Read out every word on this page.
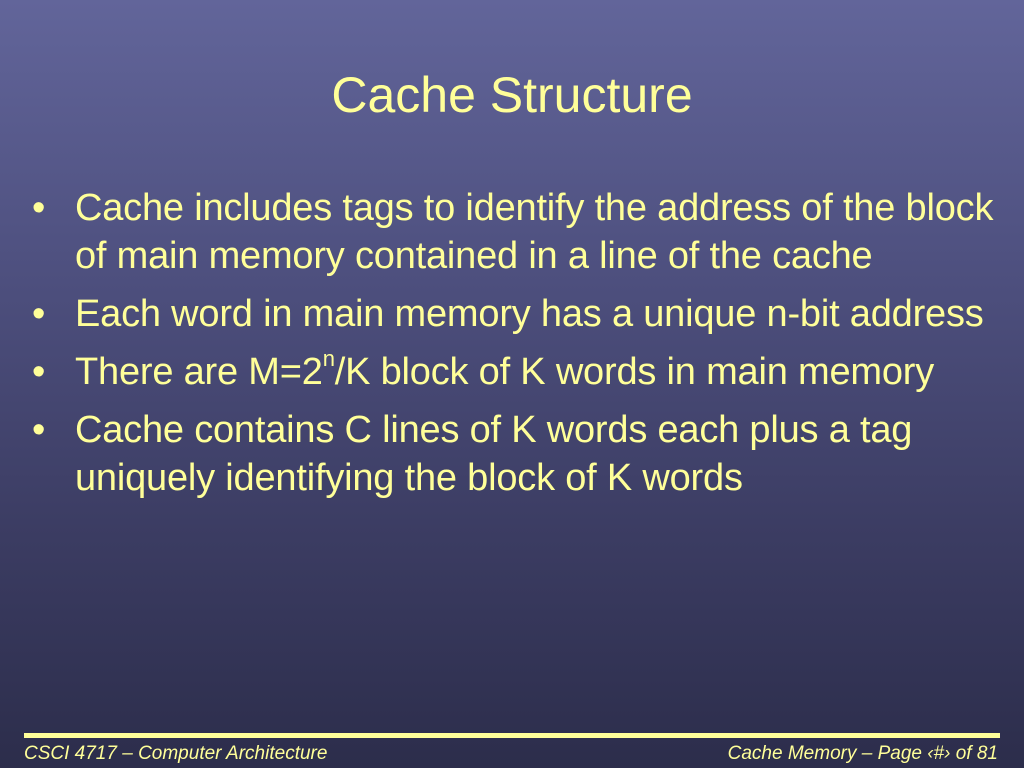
Cache Structure
• Cache includes tags to identify the address of the block of main memory contained in a line of the cache
• Each word in main memory has a unique n-bit address
• There are $M=2^n/K$ block of K words in main memory
• Cache contains C lines of K words each plus a tag uniquely identifying the block of K words
CSCI 4717 – Computer Architecture	Cache Memory – Page ‹#› of 81
